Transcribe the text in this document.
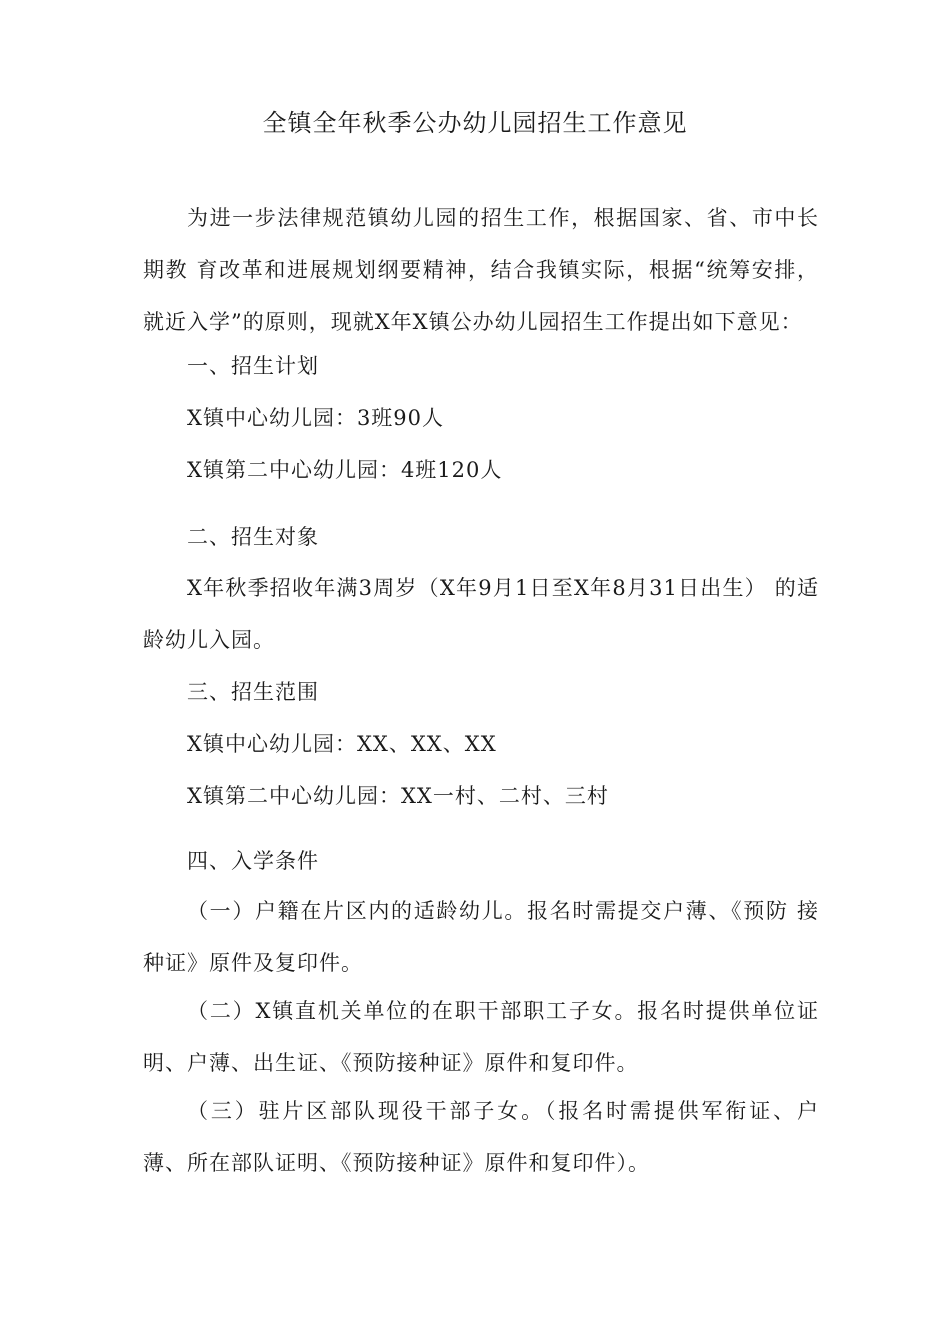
全镇全年秋季公办幼儿园招生工作意见

为进一步法律规范镇幼儿园的招生工作，根据国家、省、市中长期教 育改革和进展规划纲要精神，结合我镇实际，根据“统筹安排，就近入学”的原则，现就X年X镇公办幼儿园招生工作提出如下意见：

一、招生计划

X镇中心幼儿园：3班90人

X镇第二中心幼儿园：4班120人

二、招生对象

X年秋季招收年满3周岁（X年9月1日至X年8月31日出生） 的适龄幼儿入园。

三、招生范围

X镇中心幼儿园：XX、XX、XX

X镇第二中心幼儿园：XX一村、二村、三村

四、入学条件

（一）户籍在片区内的适龄幼儿。报名时需提交户薄、《预防 接种证》原件及复印件。

（二）X镇直机关单位的在职干部职工子女。报名时提供单位证明、户薄、出生证、《预防接种证》原件和复印件。

（三）驻片区部队现役干部子女。（报名时需提供军衔证、户 薄、所在部队证明、《预防接种证》原件和复印件）。
